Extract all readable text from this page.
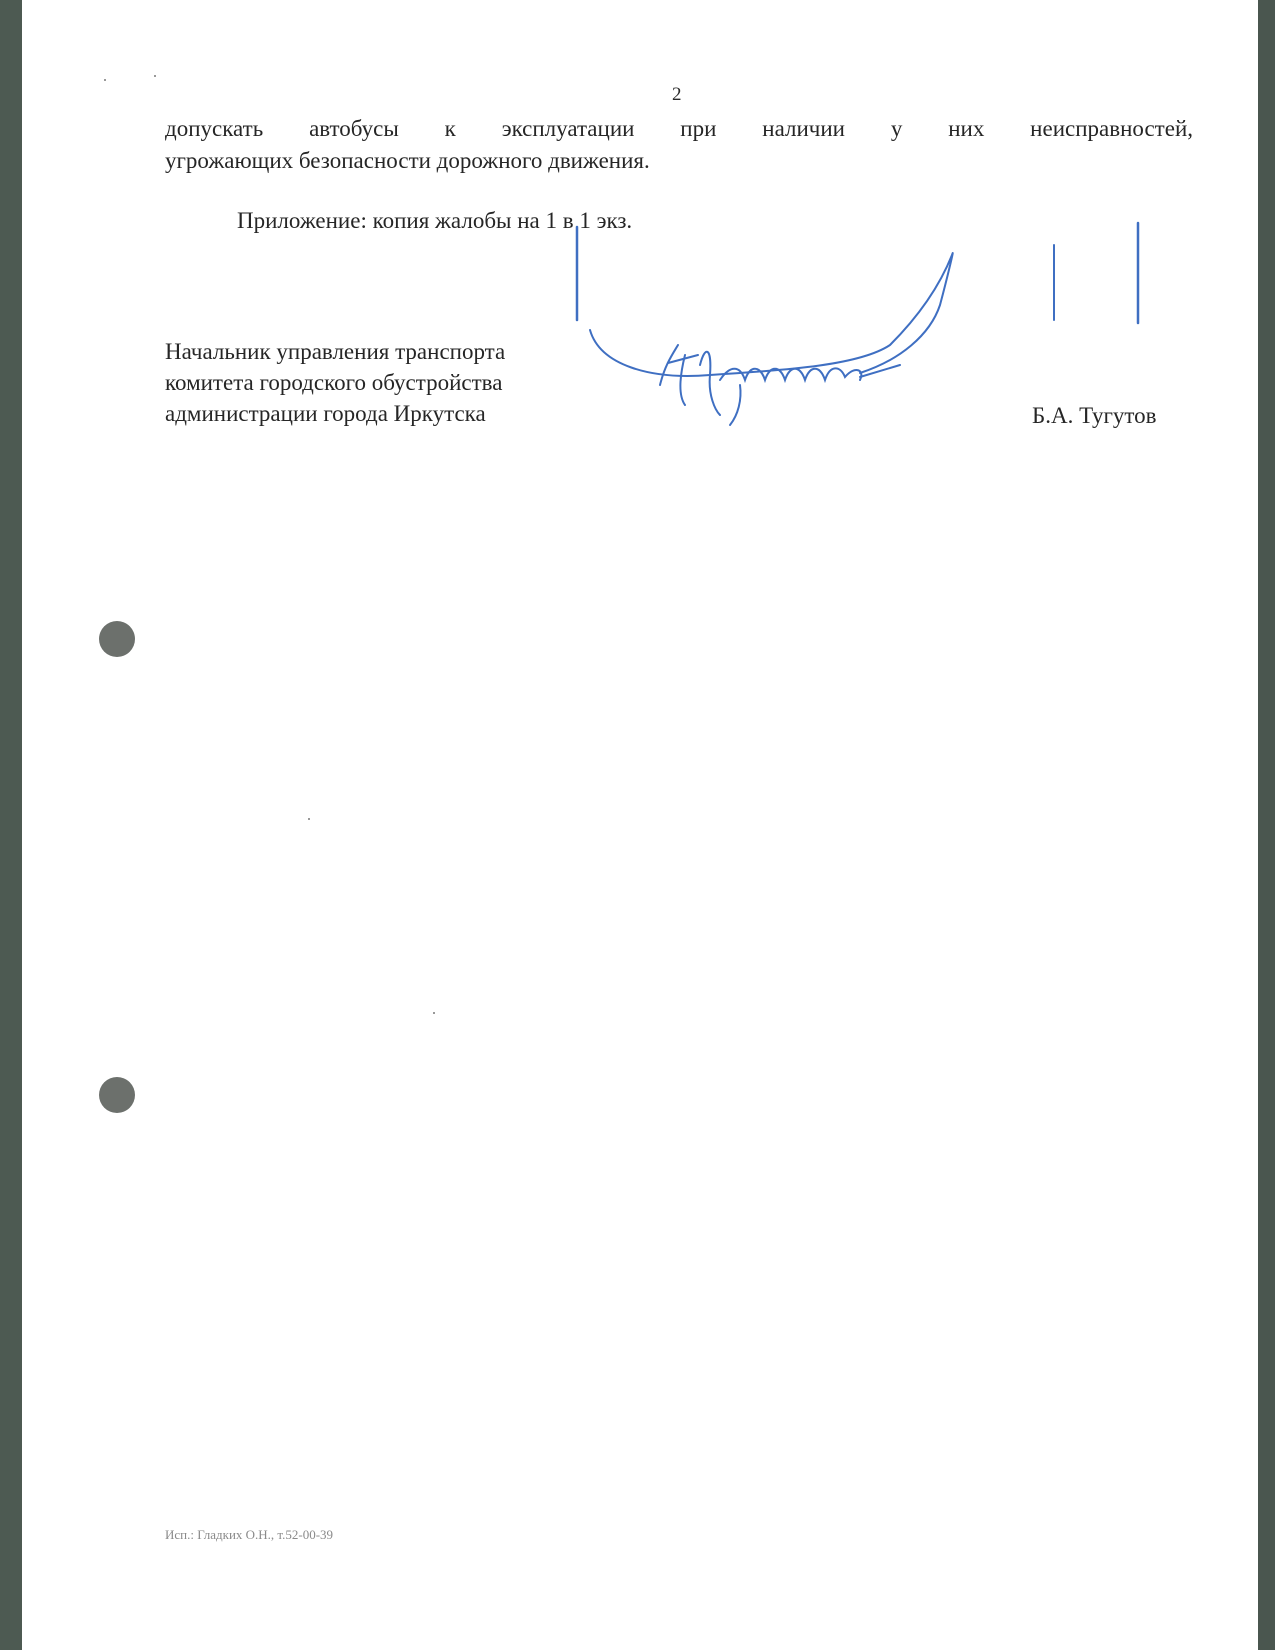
2
допускать автобусы к эксплуатации при наличии у них неисправностей,
угрожающих безопасности дорожного движения.
Приложение: копия жалобы на 1 в 1 экз.
Начальник управления транспорта
комитета городского обустройства
администрации города Иркутска	Б.А. Тугутов
Исп.: Гладких О.Н., т.52-00-39
